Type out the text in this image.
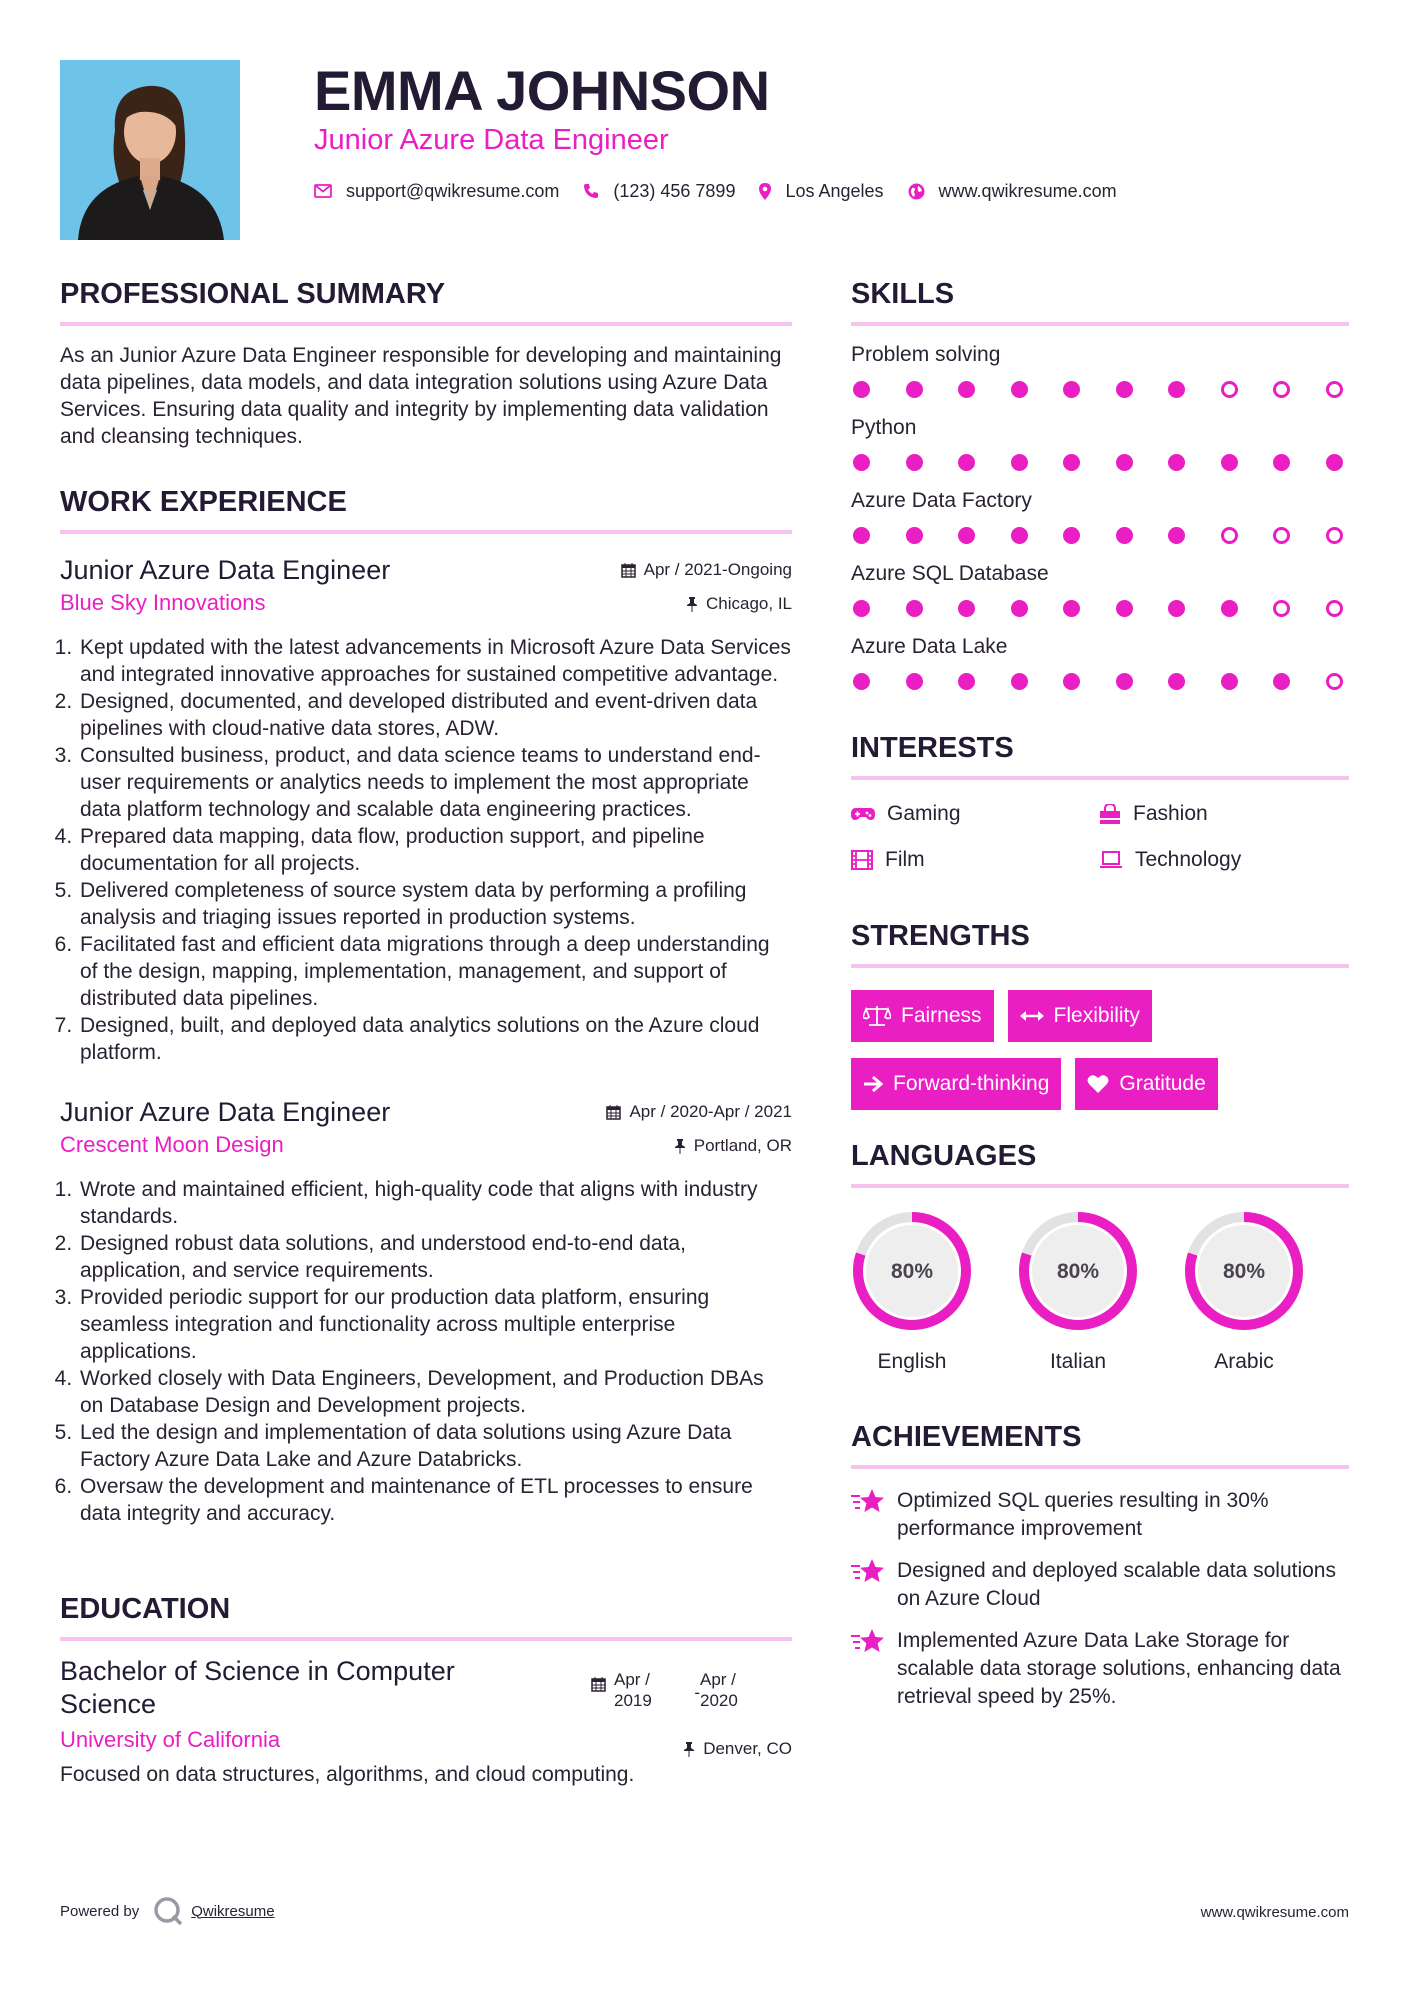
EMMA JOHNSON
Junior Azure Data Engineer
support@qwikresume.com	(123) 456 7899	Los Angeles	www.qwikresume.com
PROFESSIONAL SUMMARY
As an Junior Azure Data Engineer responsible for developing and maintaining data pipelines, data models, and data integration solutions using Azure Data Services. Ensuring data quality and integrity by implementing data validation and cleansing techniques.
WORK EXPERIENCE
Junior Azure Data Engineer
Blue Sky Innovations
Apr / 2021-Ongoing
Chicago, IL
1. Kept updated with the latest advancements in Microsoft Azure Data Services and integrated innovative approaches for sustained competitive advantage.
2. Designed, documented, and developed distributed and event-driven data pipelines with cloud-native data stores, ADW.
3. Consulted business, product, and data science teams to understand end-user requirements or analytics needs to implement the most appropriate data platform technology and scalable data engineering practices.
4. Prepared data mapping, data flow, production support, and pipeline documentation for all projects.
5. Delivered completeness of source system data by performing a profiling analysis and triaging issues reported in production systems.
6. Facilitated fast and efficient data migrations through a deep understanding of the design, mapping, implementation, management, and support of distributed data pipelines.
7. Designed, built, and deployed data analytics solutions on the Azure cloud platform.
Junior Azure Data Engineer
Crescent Moon Design
Apr / 2020-Apr / 2021
Portland, OR
1. Wrote and maintained efficient, high-quality code that aligns with industry standards.
2. Designed robust data solutions, and understood end-to-end data, application, and service requirements.
3. Provided periodic support for our production data platform, ensuring seamless integration and functionality across multiple enterprise applications.
4. Worked closely with Data Engineers, Development, and Production DBAs on Database Design and Development projects.
5. Led the design and implementation of data solutions using Azure Data Factory Azure Data Lake and Azure Databricks.
6. Oversaw the development and maintenance of ETL processes to ensure data integrity and accuracy.
EDUCATION
Bachelor of Science in Computer Science
Apr / 2019	-
Apr / 2020
University of California	Denver, CO
Focused on data structures, algorithms, and cloud computing.
SKILLS
Problem solving
Python
Azure Data Factory
Azure SQL Database
Azure Data Lake
INTERESTS
Gaming	Fashion
Film	Technology
STRENGTHS
Fairness	Flexibility
Forward-thinking	Gratitude
LANGUAGES
80%
English
80%
Italian
80%
Arabic
ACHIEVEMENTS
Optimized SQL queries resulting in 30% performance improvement
Designed and deployed scalable data solutions on Azure Cloud
Implemented Azure Data Lake Storage for scalable data storage solutions, enhancing data retrieval speed by 25%.
Powered by	Qwikresume	www.qwikresume.com
